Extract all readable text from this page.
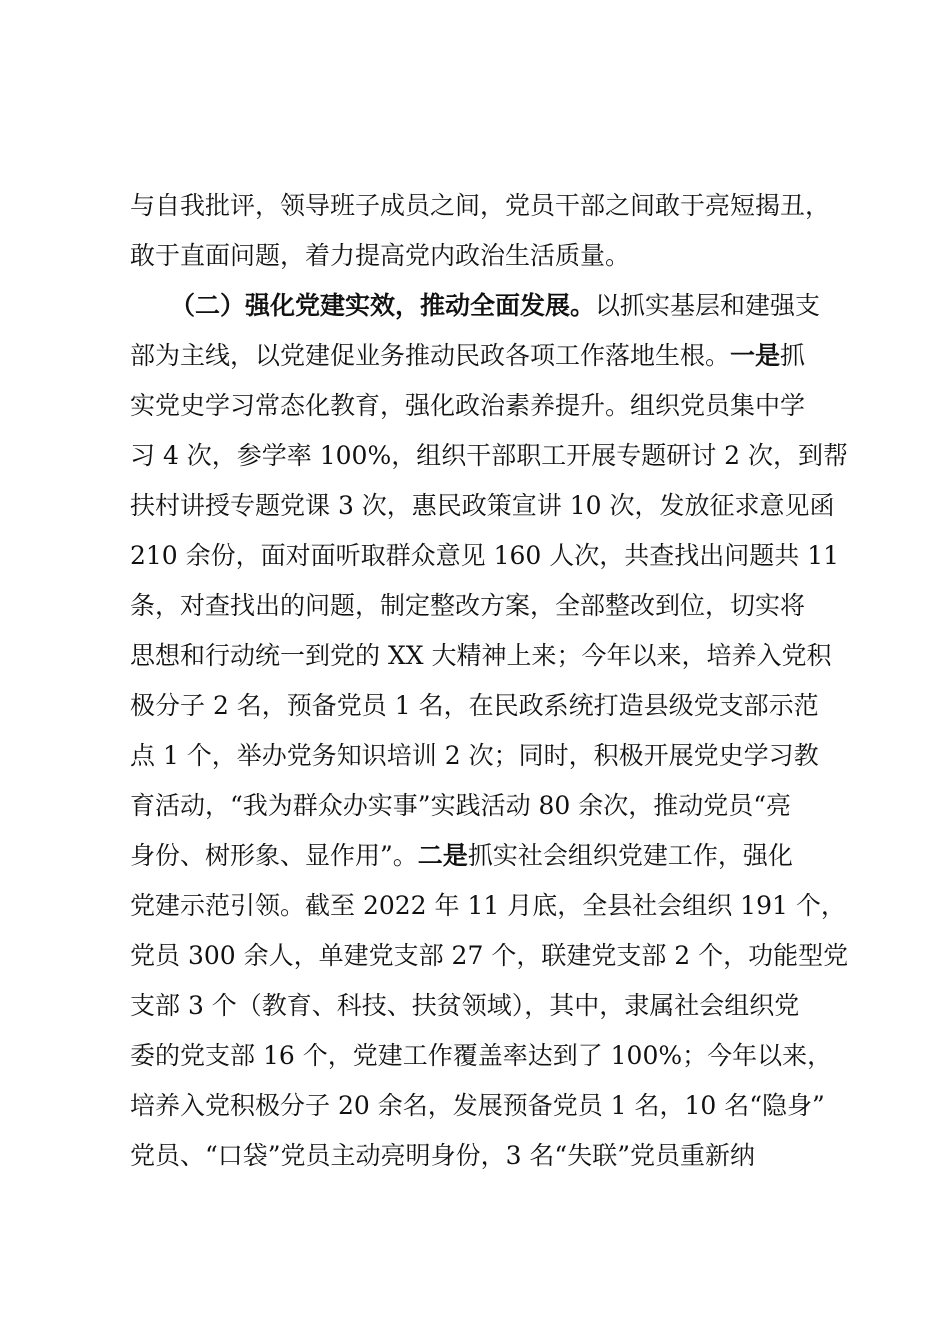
与自我批评，领导班子成员之间，党员干部之间敢于亮短揭丑，
敢于直面问题，着力提高党内政治生活质量。
（二）强化党建实效，推动全面发展。以抓实基层和建强支
部为主线，以党建促业务推动民政各项工作落地生根。一是抓
实党史学习常态化教育，强化政治素养提升。组织党员集中学
习 4 次，参学率 100%，组织干部职工开展专题研讨 2 次，到帮
扶村讲授专题党课 3 次，惠民政策宣讲 10 次，发放征求意见函
210 余份，面对面听取群众意见 160 人次，共查找出问题共 11
条，对查找出的问题，制定整改方案，全部整改到位，切实将
思想和行动统一到党的 XX 大精神上来；今年以来，培养入党积
极分子 2 名，预备党员 1 名，在民政系统打造县级党支部示范
点 1 个，举办党务知识培训 2 次；同时，积极开展党史学习教
育活动，“我为群众办实事”实践活动 80 余次，推动党员“亮
身份、树形象、显作用”。二是抓实社会组织党建工作，强化
党建示范引领。截至 2022 年 11 月底，全县社会组织 191 个，
党员 300 余人，单建党支部 27 个，联建党支部 2 个，功能型党
支部 3 个（教育、科技、扶贫领域），其中，隶属社会组织党
委的党支部 16 个，党建工作覆盖率达到了 100%；今年以来，
培养入党积极分子 20 余名，发展预备党员 1 名，10 名“隐身”
党员、“口袋”党员主动亮明身份，3 名“失联”党员重新纳
